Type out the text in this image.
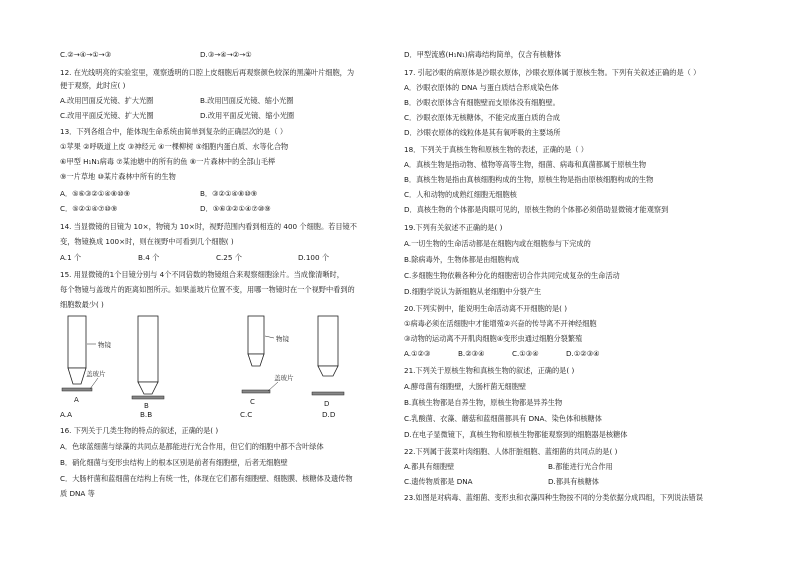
C.②→④→①→③	D.③→④→②→①
12. 在光线明亮的实验室里，观察透明的口腔上皮细胞后再观察颜色较深的黑藻叶片细胞，为
便于观察，此时应( )
A.改用凹面反光镜、扩大光圈	B.改用凹面反光镜、缩小光圈
C.改用平面反光镜、扩大光圈	D.改用平面反光镜、缩小光圈
13．下列各组合中，能体现生命系统由简单到复杂的正确层次的是（ ）
①苹果 ②呼吸道上皮 ③神经元 ④一棵柳树 ⑤细胞内蛋白质、水等化合物
⑥甲型 H₁N₁病毒 ⑦某池塘中的所有的鱼 ⑧一片森林中的全部山毛榉
⑨一片草地 ⑩某片森林中所有的生物
A．⑤⑥③②①④⑧⑩⑨	B．③②①④⑧⑩⑨
C．⑤②①④⑦⑩⑨	D．⑤⑥③②①④⑦⑩⑨
14. 当显微镜的目镜为 10×，物镜为 10×时，视野范围内看到相连的 400 个细胞。若目镜不
变，物镜换成 100×时，则在视野中可看到几个细胞( )
A.1 个	B.4 个	C.25 个	D.100 个
15. 用显微镜的1个目镜分别与 4个不同倍数的物镜组合来观察细胞涂片。当成像清晰时，
每个物镜与盖玻片的距离如图所示。如果盖玻片位置不变，用哪一物镜时在一个视野中看到的
细胞数最少( )
物镜
盖玻片
A
B
物镜
盖玻片
C	D
A.A	B.B	C.C	D.D
16. 下列关于几类生物的特点的叙述，正确的是( )
A．色球蓝细菌与绿藻的共同点是都能进行光合作用，但它们的细胞中都不含叶绿体
B．硝化细菌与变形虫结构上的根本区别是前者有细胞壁，后者无细胞壁
C．大肠杆菌和蓝细菌在结构上有统一性，体现在它们都有细胞壁、细胞膜、核糖体及遗传物
质 DNA 等
D．甲型流感(H₁N₁)病毒结构简单，仅含有核糖体
17. 引起沙眼的病原体是沙眼衣原体，沙眼衣原体属于原核生物。下列有关叙述正确的是（ ）
A．沙眼衣原体的 DNA 与蛋白质结合形成染色体
B．沙眼衣原体含有细胞壁而支原体没有细胞壁。
C．沙眼衣原体无核糖体，不能完成蛋白质的合成
D．沙眼衣原体的线粒体是其有氧呼吸的主要场所
18．下列关于真核生物和原核生物的表述，正确的是（ ）
A．真核生物是指动物、植物等高等生物，细菌、病毒和真菌都属于原核生物
B．真核生物是指由真核细胞构成的生物，原核生物是指由原核细胞构成的生物
C．人和动物的成熟红细胞无细胞核
D．真核生物的个体都是肉眼可见的，原核生物的个体都必须借助显微镜才能观察到
19.下列有关叙述不正确的是( )
A.一切生物的生命活动都是在细胞内或在细胞参与下完成的
B.除病毒外，生物体都是由细胞构成
C.多细胞生物依赖各种分化的细胞密切合作共同完成复杂的生命活动
D.细胞学说认为新细胞从老细胞中分裂产生
20.下列实例中，能说明生命活动离不开细胞的是( )
①病毒必须在活细胞中才能增殖②兴奋的传导离不开神经细胞
③动物的运动离不开肌肉细胞④变形虫通过细胞分裂繁殖
A.①②③	B.②③④	C.①③④	D.①②③④
21.下列关于原核生物和真核生物的叙述，正确的是( )
A.酵母菌有细胞壁，大肠杆菌无细胞壁
B.真核生物都是自养生物，原核生物都是异养生物
C.乳酸菌、衣藻、蘑菇和蓝细菌都具有 DNA、染色体和核糖体
D.在电子显微镜下，真核生物和原核生物都能观察到的细胞器是核糖体
22.下列属于菠菜叶肉细胞、人体肝脏细胞、蓝细菌的共同点的是( )
A.都具有细胞壁	B.都能进行光合作用
C.遗传物质都是 DNA	D.都具有核糖体
23.如图是对病毒、蓝细菌、变形虫和衣藻四种生物按不同的分类依据分成四组，下列说法错误
